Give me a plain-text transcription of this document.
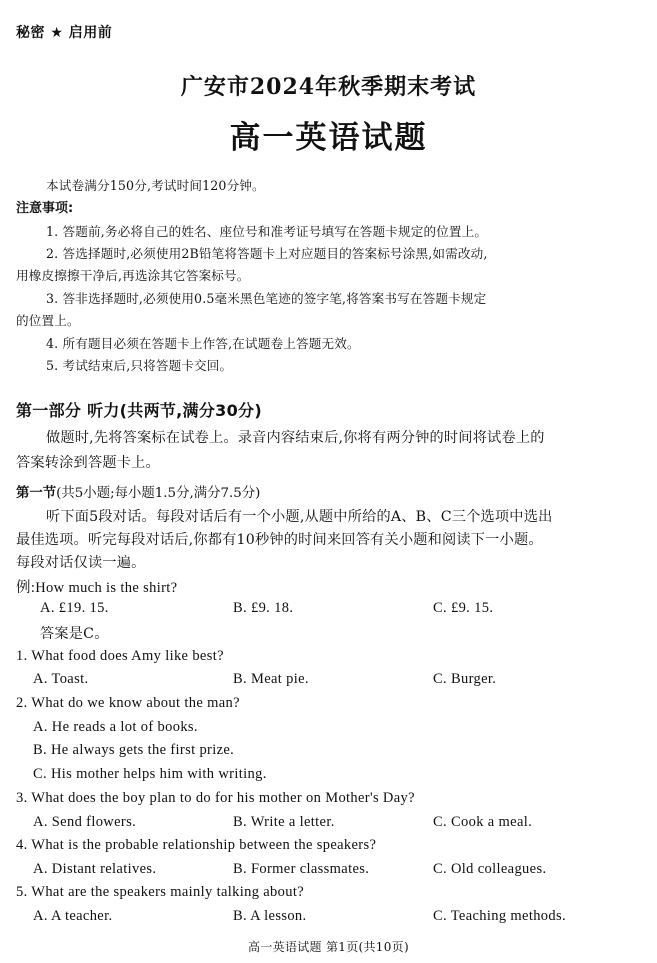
秘密 ★ 启用前
广安市2024年秋季期末考试
高一英语试题
本试卷满分150分,考试时间120分钟。
注意事项:
1. 答题前,务必将自己的姓名、座位号和准考证号填写在答题卡规定的位置上。
2. 答选择题时,必须使用2B铅笔将答题卡上对应题目的答案标号涂黑,如需改动,
用橡皮擦擦干净后,再选涂其它答案标号。
3. 答非选择题时,必须使用0.5毫米黑色笔迹的签字笔,将答案书写在答题卡规定
的位置上。
4. 所有题目必须在答题卡上作答,在试题卷上答题无效。
5. 考试结束后,只将答题卡交回。
第一部分 听力(共两节,满分30分)
做题时,先将答案标在试卷上。录音内容结束后,你将有两分钟的时间将试卷上的
答案转涂到答题卡上。
第一节(共5小题;每小题1.5分,满分7.5分)
听下面5段对话。每段对话后有一个小题,从题中所给的A、B、C三个选项中选出
最佳选项。听完每段对话后,你都有10秒钟的时间来回答有关小题和阅读下一小题。
每段对话仅读一遍。
例:How much is the shirt?
A. £19. 15.	B. £9. 18.	C. £9. 15.
答案是C。
1. What food does Amy like best?
A. Toast.	B. Meat pie.	C. Burger.
2. What do we know about the man?
A. He reads a lot of books.
B. He always gets the first prize.
C. His mother helps him with writing.
3. What does the boy plan to do for his mother on Mother's Day?
A. Send flowers.	B. Write a letter.	C. Cook a meal.
4. What is the probable relationship between the speakers?
A. Distant relatives.	B. Former classmates.	C. Old colleagues.
5. What are the speakers mainly talking about?
A. A teacher.	B. A lesson.	C. Teaching methods.
高一英语试题 第1页(共10页)
